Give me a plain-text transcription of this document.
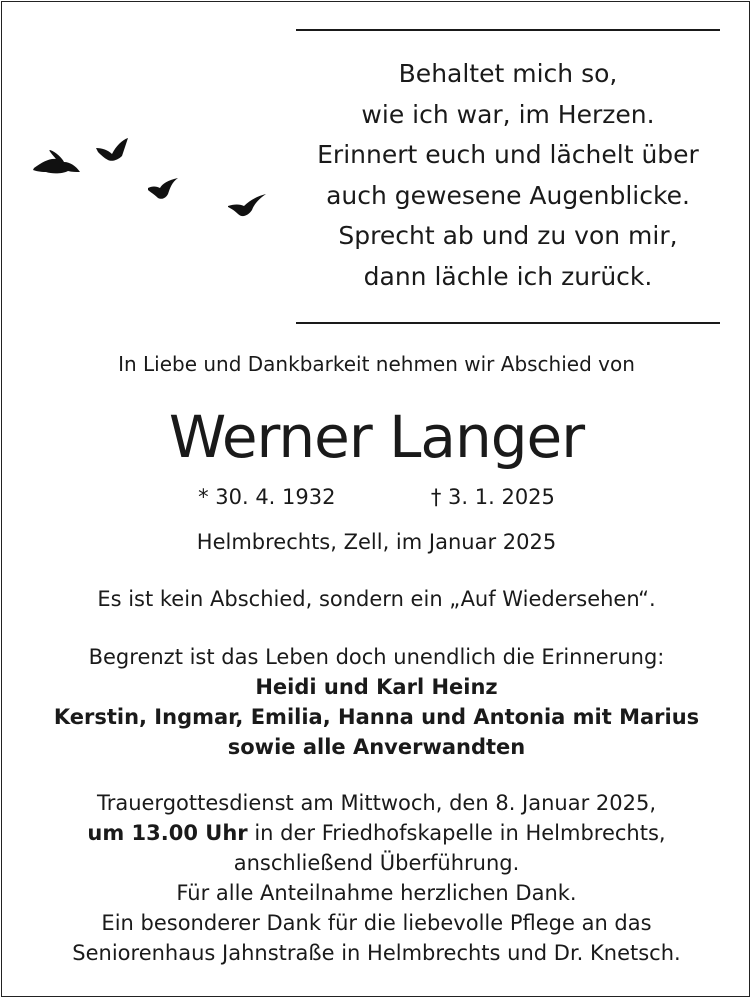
Behaltet mich so,
wie ich war, im Herzen.
Erinnert euch und lächelt über
auch gewesene Augenblicke.
Sprecht ab und zu von mir,
dann lächle ich zurück.
In Liebe und Dankbarkeit nehmen wir Abschied von
Werner Langer
* 30. 4. 1932	† 3. 1. 2025
Helmbrechts, Zell, im Januar 2025
Es ist kein Abschied, sondern ein „Auf Wiedersehen“.
Begrenzt ist das Leben doch unendlich die Erinnerung:
Heidi und Karl Heinz
Kerstin, Ingmar, Emilia, Hanna und Antonia mit Marius
sowie alle Anverwandten
Trauergottesdienst am Mittwoch, den 8. Januar 2025,
um 13.00 Uhr in der Friedhofskapelle in Helmbrechts,
anschließend Überführung.
Für alle Anteilnahme herzlichen Dank.
Ein besonderer Dank für die liebevolle Pflege an das
Seniorenhaus Jahnstraße in Helmbrechts und Dr. Knetsch.
